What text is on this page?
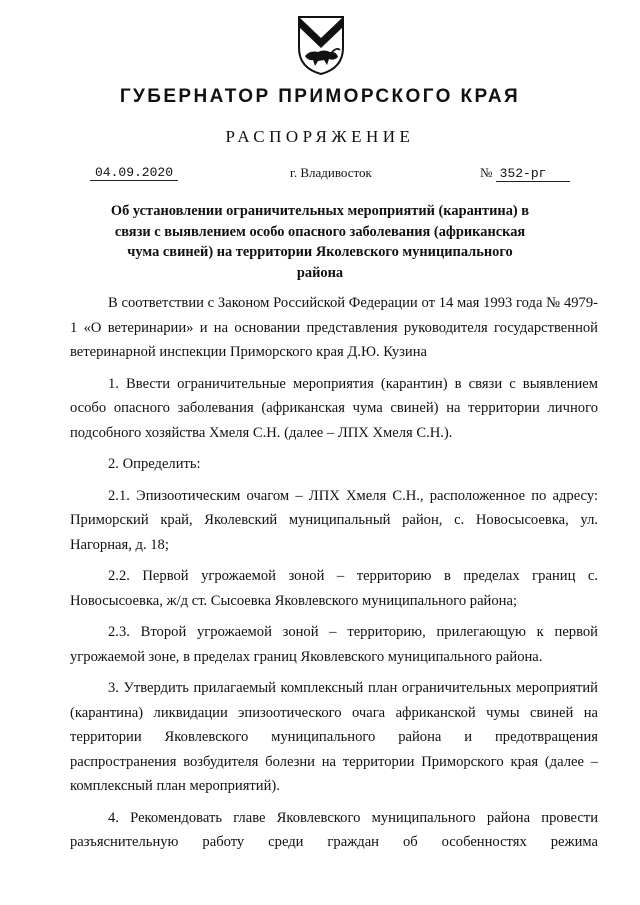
ГУБЕРНАТОР ПРИМОРСКОГО КРАЯ
РАСПОРЯЖЕНИЕ
04.09.2020	г. Владивосток	№ 352-рг
Об установлении ограничительных мероприятий (карантина) в связи с выявлением особо опасного заболевания (африканская чума свиней) на территории Яколевского муниципального района

В соответствии с Законом Российской Федерации от 14 мая 1993 года № 4979-1 «О ветеринарии» и на основании представления руководителя государственной ветеринарной инспекции Приморского края Д.Ю. Кузина

1. Ввести ограничительные мероприятия (карантин) в связи с выявлением особо опасного заболевания (африканская чума свиней) на территории личного подсобного хозяйства Хмеля С.Н. (далее – ЛПХ Хмеля С.Н.).

2. Определить:

2.1. Эпизоотическим очагом – ЛПХ Хмеля С.Н., расположенное по адресу: Приморский край, Яколевский муниципальный район, с. Новосысоевка, ул. Нагорная, д. 18;

2.2. Первой угрожаемой зоной – территорию в пределах границ с. Новосысоевка, ж/д ст. Сысоевка Яковлевского муниципального района;

2.3. Второй угрожаемой зоной – территорию, прилегающую к первой угрожаемой зоне, в пределах границ Яковлевского муниципального района.

3. Утвердить прилагаемый комплексный план ограничительных мероприятий (карантина) ликвидации эпизоотического очага африканской чумы свиней на территории Яковлевского муниципального района и предотвращения распространения возбудителя болезни на территории Приморского края (далее – комплексный план мероприятий).

4. Рекомендовать главе Яковлевского муниципального района провести разъяснительную работу среди граждан об особенностях режима
